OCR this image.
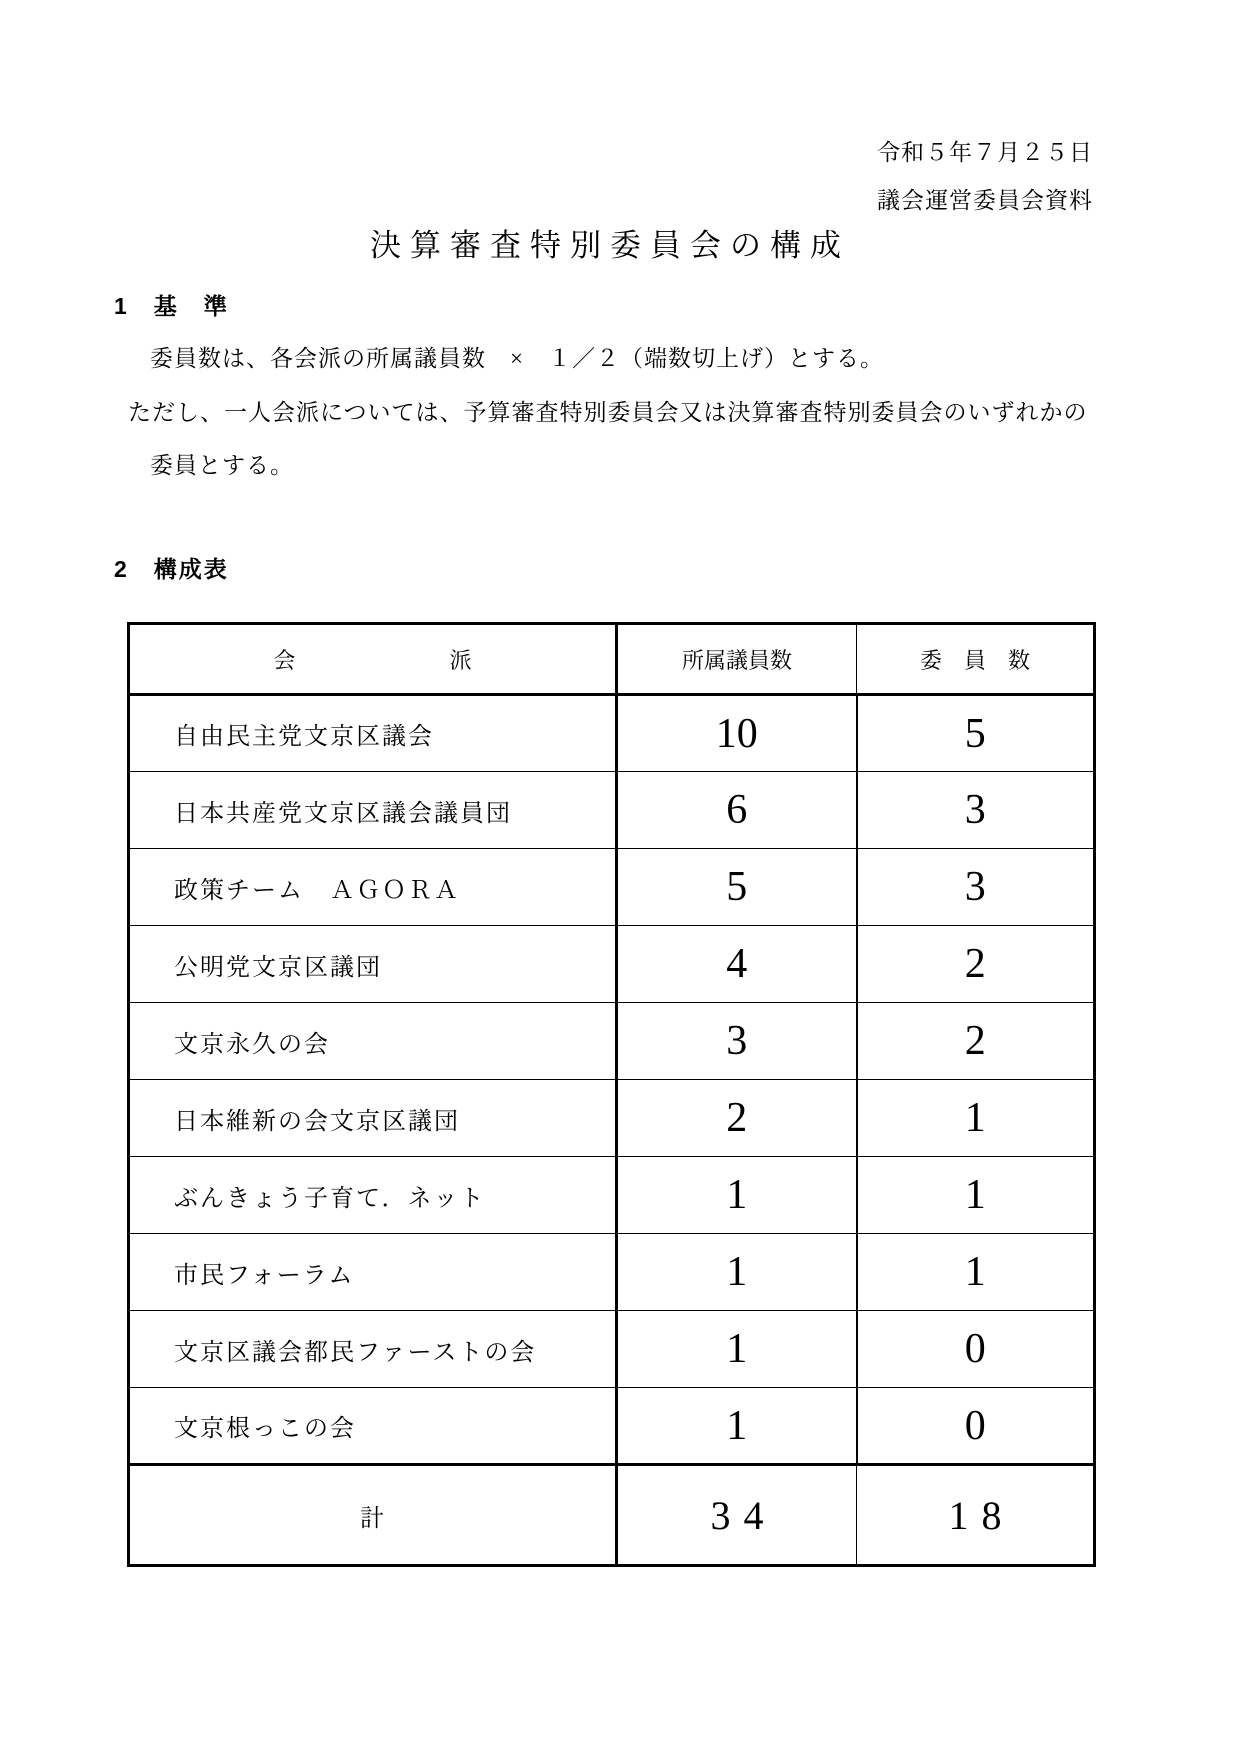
令和５年７月２５日
議会運営委員会資料
決算審査特別委員会の構成
1　基　準
委員数は、各会派の所属議員数　×　１／２（端数切上げ）とする。
ただし、一人会派については、予算審査特別委員会又は決算審査特別委員会のいずれかの
委員とする。
2　構成表
会　　　　　　　派	所属議員数	委　員　数
自由民主党文京区議会	10	5
日本共産党文京区議会議員団	6	3
政策チーム　ＡＧＯＲＡ	5	3
公明党文京区議団	4	2
文京永久の会	3	2
日本維新の会文京区議団	2	1
ぶんきょう子育て．ネット	1	1
市民フォーラム	1	1
文京区議会都民ファーストの会	1	0
文京根っこの会	1	0
計	34	18
